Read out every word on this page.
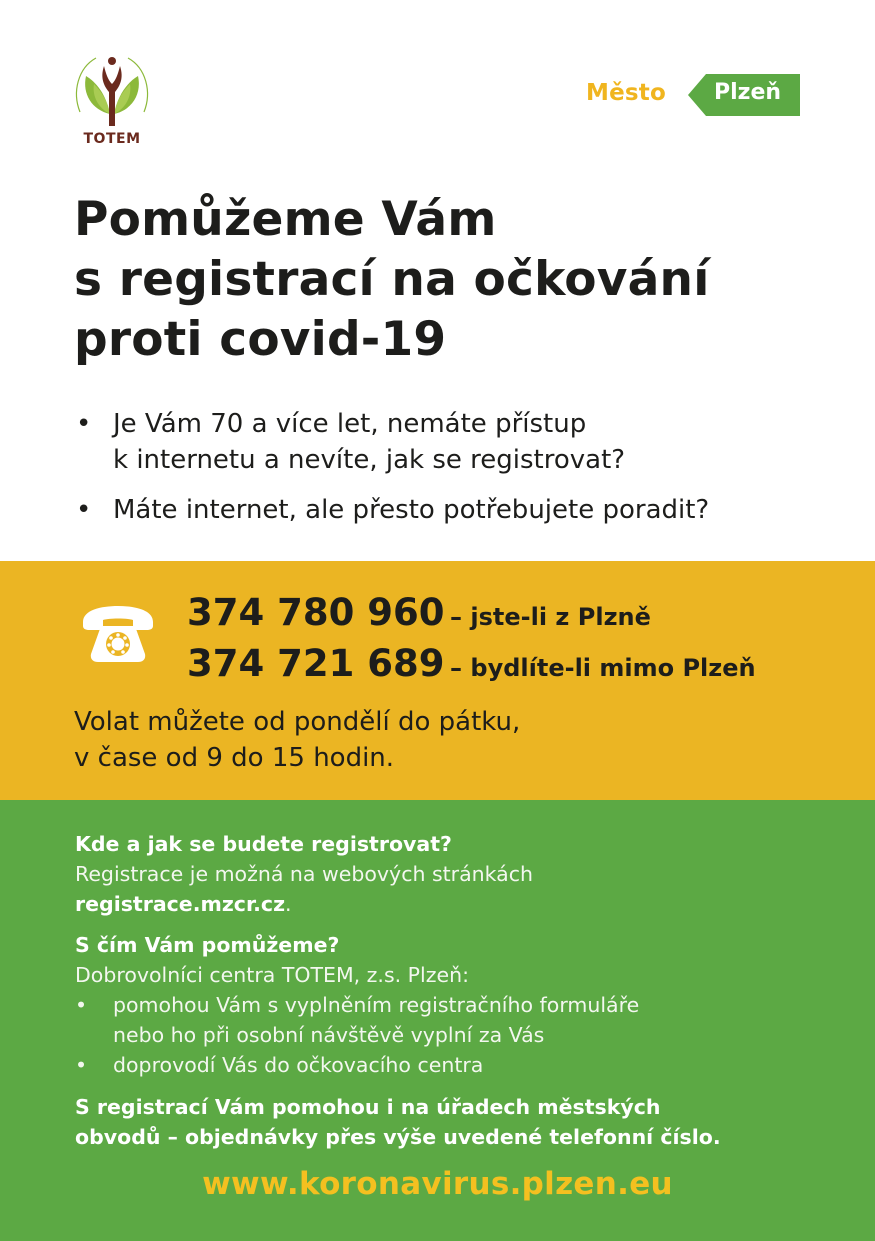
TOTEM
Město Plzeň
Pomůžeme Vám
s registrací na očkování
proti covid-19
• Je Vám 70 a více let, nemáte přístup
k internetu a nevíte, jak se registrovat?
• Máte internet, ale přesto potřebujete poradit?
374 780 960 – jste-li z Plzně
374 721 689 – bydlíte-li mimo Plzeň
Volat můžete od pondělí do pátku,
v čase od 9 do 15 hodin.
Kde a jak se budete registrovat?
Registrace je možná na webových stránkách
registrace.mzcr.cz.
S čím Vám pomůžeme?
Dobrovolníci centra TOTEM, z.s. Plzeň:
• pomohou Vám s vyplněním registračního formuláře
nebo ho při osobní návštěvě vyplní za Vás
• doprovodí Vás do očkovacího centra
S registrací Vám pomohou i na úřadech městských
obvodů – objednávky přes výše uvedené telefonní číslo.
www.koronavirus.plzen.eu
